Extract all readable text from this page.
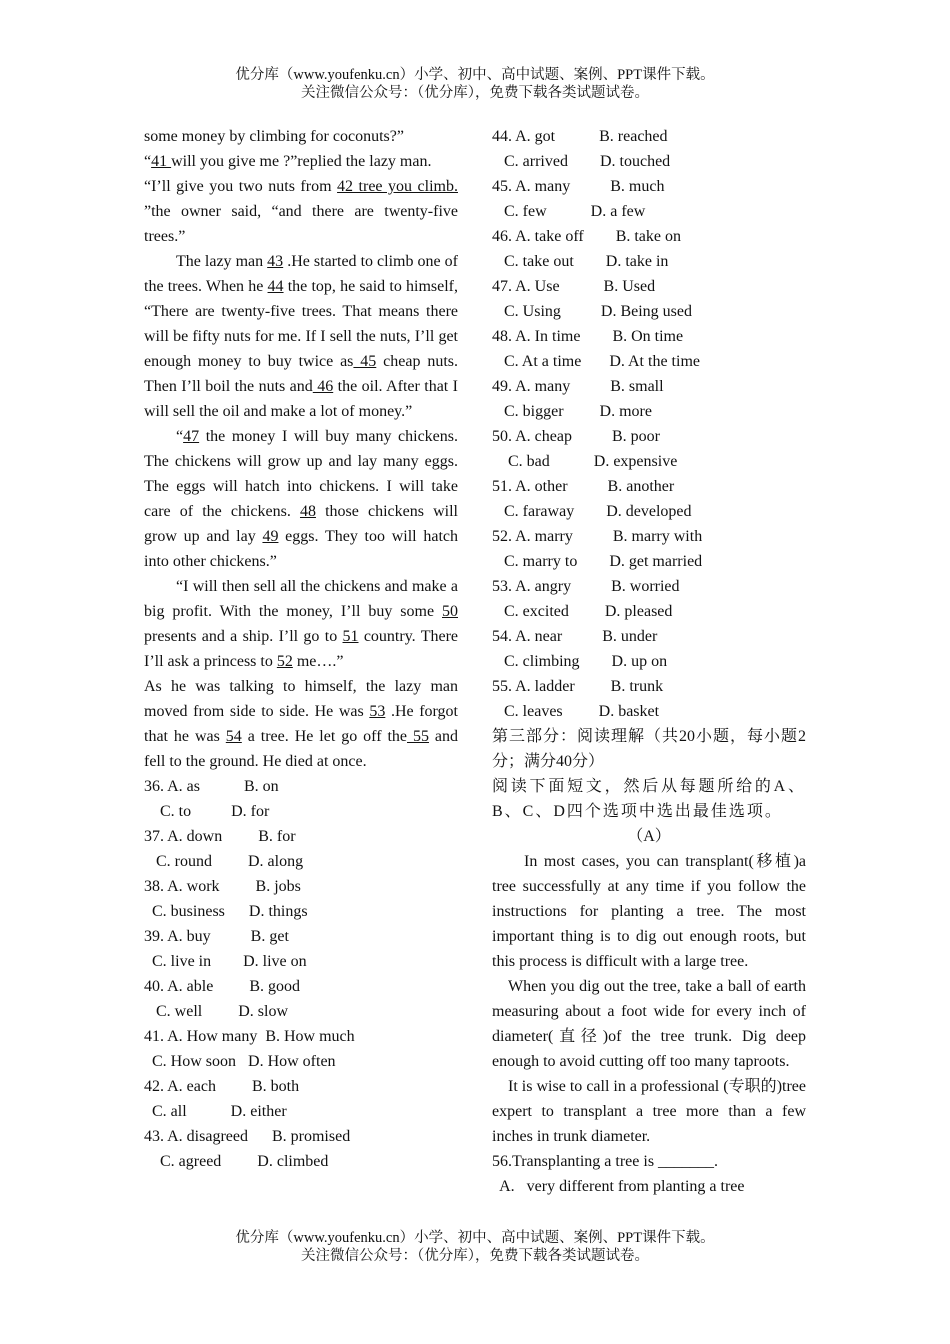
优分库（www.youfenku.cn）小学、初中、高中试题、案例、PPT课件下载。
关注微信公众号：（优分库），免费下载各类试题试卷。

some money by climbing for coconuts?”

“41 will you give me ?”replied the lazy man.

“I’ll give you two nuts from 42 tree you climb. ”the owner said, “and there are twenty-five trees.”

The lazy man 43 .He started to climb one of the trees. When he 44 the top, he said to himself, “There are twenty-five trees. That means there will be fifty nuts for me. If I sell the nuts, I’ll get enough money to buy twice as 45 cheap nuts. Then I’ll boil the nuts and 46 the oil. After that I will sell the oil and make a lot of money.”

“47 the money I will buy many chickens. The chickens will grow up and lay many eggs. The eggs will hatch into chickens. I will take care of the chickens. 48 those chickens will grow up and lay 49 eggs. They too will hatch into other chickens.”

“I will then sell all the chickens and make a big profit. With the money, I’ll buy some 50 presents and a ship. I’ll go to 51 country. There I’ll ask a princess to 52 me….”

As he was talking to himself, the lazy man moved from side to side. He was 53 .He forgot that he was 54 a tree. He let go off the 55 and fell to the ground. He died at once.

36. A. as           B. on

C. to          D. for

37. A. down         B. for

C. round         D. along

38. A. work         B. jobs

C. business      D. things

39. A. buy          B. get

C. live in        D. live on

40. A. able         B. good

C. well         D. slow

41. A. How many  B. How much

C. How soon   D. How often

42. A. each         B. both

C. all           D. either

43. A. disagreed      B. promised

C. agreed         D. climbed

44. A. got           B. reached

C. arrived        D. touched

45. A. many          B. much

C. few           D. a few

46. A. take off        B. take on

C. take out        D. take in

47. A. Use           B. Used

C. Using          D. Being used

48. A. In time        B. On time

C. At a time       D. At the time

49. A. many          B. small

C. bigger         D. more

50. A. cheap          B. poor

C. bad           D. expensive

51. A. other          B. another

C. faraway        D. developed

52. A. marry          B. marry with

C. marry to        D. get married

53. A. angry          B. worried

C. excited         D. pleased

54. A. near          B. under

C. climbing        D. up on

55. A. ladder         B. trunk

C. leaves         D. basket

第三部分：阅读理解（共20小题，每小题2分；满分40分）

阅读下面短文，然后从每题所给的A、B、C、D四个选项中选出最佳选项。

（A）

In most cases, you can transplant(移植)a tree successfully at any time if you follow the instructions for planting a tree. The most important thing is to dig out enough roots, but this process is difficult with a large tree.

When you dig out the tree, take a ball of earth measuring about a foot wide for every inch of diameter(直径)of the tree trunk. Dig deep enough to avoid cutting off too many taproots.

It is wise to call in a professional (专职的)tree expert to transplant a tree more than a few inches in trunk diameter.

56.Transplanting a tree is _______.

A.   very different from planting a tree

优分库（www.youfenku.cn）小学、初中、高中试题、案例、PPT课件下载。
关注微信公众号：（优分库），免费下载各类试题试卷。
